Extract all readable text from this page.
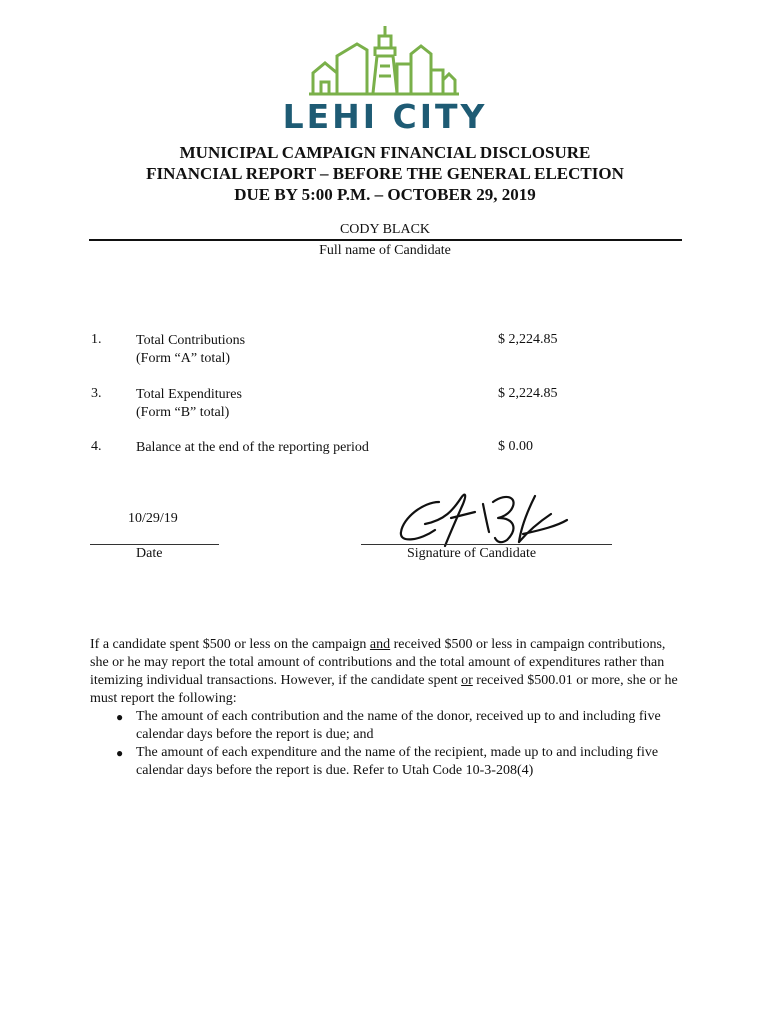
LEHI CITY
MUNICIPAL CAMPAIGN FINANCIAL DISCLOSURE
FINANCIAL REPORT – BEFORE THE GENERAL ELECTION
DUE BY 5:00 P.M. – OCTOBER 29, 2019
CODY BLACK
Full name of Candidate
1. Total Contributions
(Form “A” total)
$ 2,224.85
3. Total Expenditures
(Form “B” total)
$ 2,224.85
4. Balance at the end of the reporting period	$ 0.00
10/29/19
Date	Signature of Candidate

If a candidate spent $500 or less on the campaign and received $500 or less in campaign contributions, she or he may report the total amount of contributions and the total amount of expenditures rather than itemizing individual transactions. However, if the candidate spent or received $500.01 or more, she or he must report the following:

● The amount of each contribution and the name of the donor, received up to and including five calendar days before the report is due; and
● The amount of each expenditure and the name of the recipient, made up to and including five calendar days before the report is due. Refer to Utah Code 10-3-208(4)
